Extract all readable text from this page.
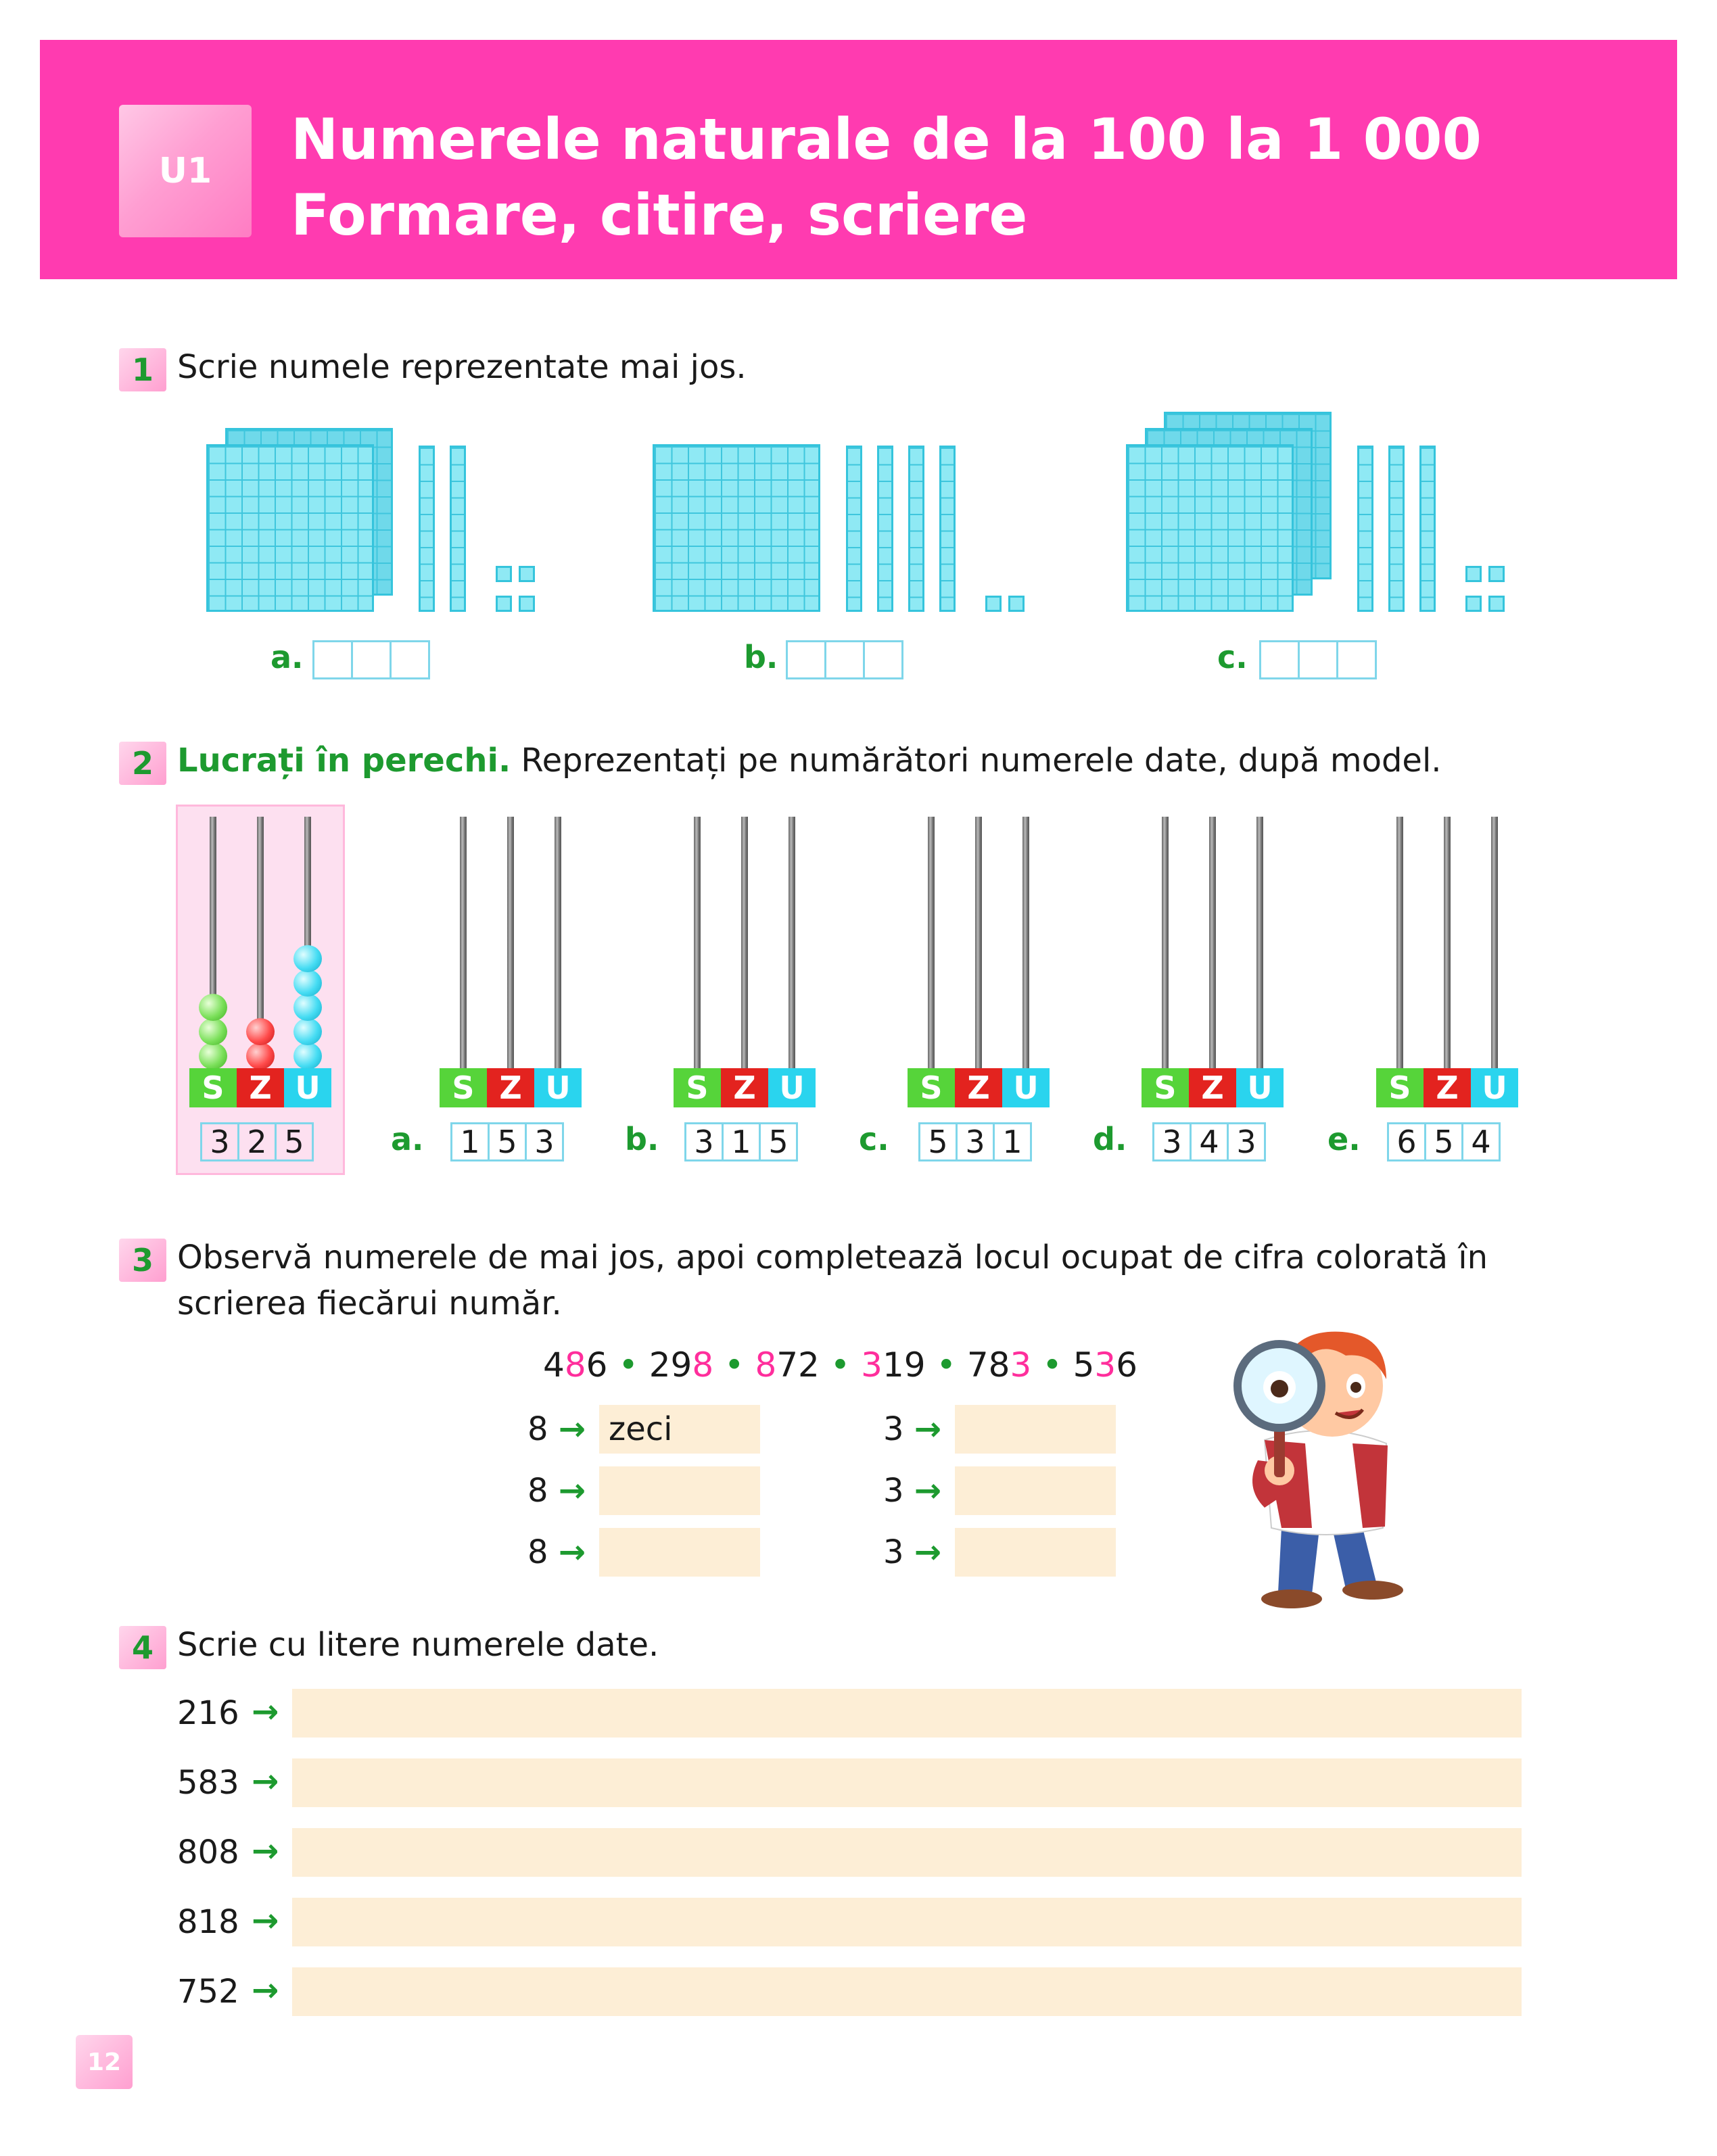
U1	Numerele naturale de la 100 la 1 000
Formare, citire, scriere
1 Scrie numele reprezentate mai jos.
a.	b.	c.
2 Lucrați în perechi. Reprezentați pe numărători numerele date, după model.
S Z U
3 2 5
S Z U
1 5 3
a.
S Z U
3 1 5
b.
S Z U
5 3 1
c.
S Z U
3 4 3
d.
S Z U
6 5 4
e.
3 Observă numerele de mai jos, apoi completează locul ocupat de cifra colorată în
scrierea fiecărui număr.
486 • 298 • 872 • 319 • 783 • 536
8 → zeci	3 →
8 →	3 →
8 →	3 →
4 Scrie cu litere numerele date.
216 →
583 →
808 →
818 →
752 →
12
